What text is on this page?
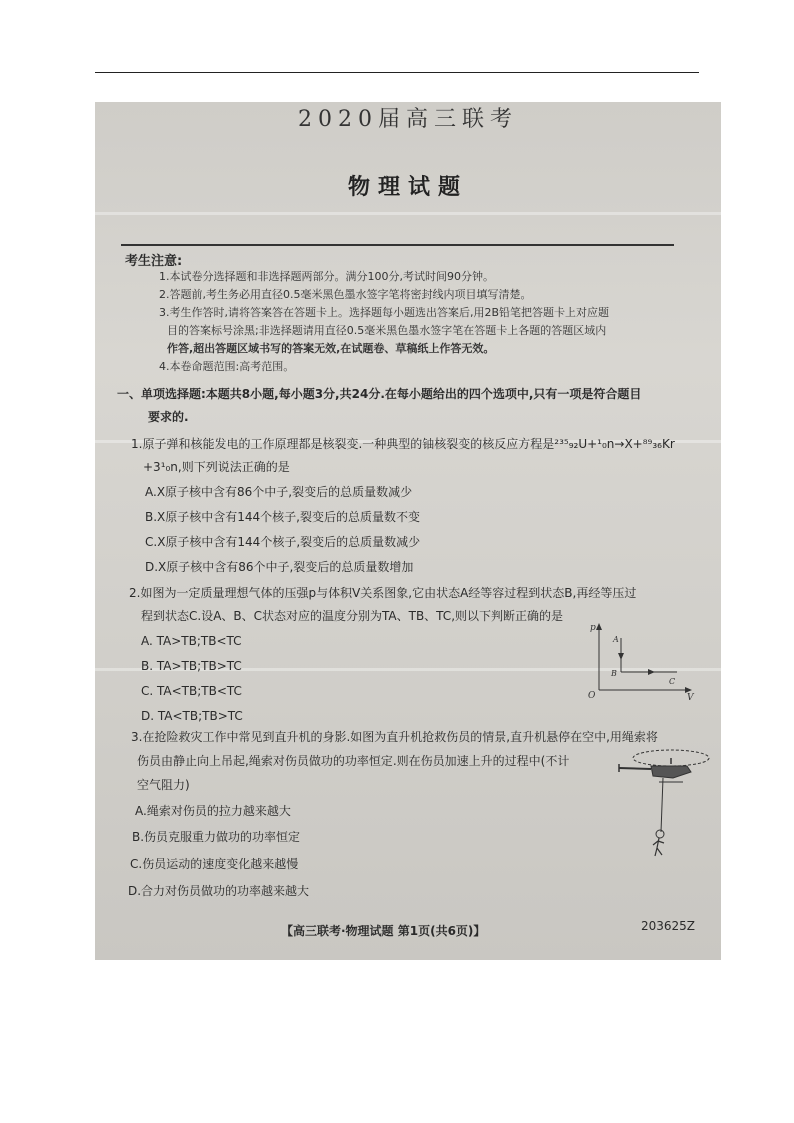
2020届高三联考
物理试题
考生注意:
1.本试卷分选择题和非选择题两部分。满分100分,考试时间90分钟。
2.答题前,考生务必用直径0.5毫米黑色墨水签字笔将密封线内项目填写清楚。
3.考生作答时,请将答案答在答题卡上。选择题每小题选出答案后,用2B铅笔把答题卡上对应题
目的答案标号涂黑;非选择题请用直径0.5毫米黑色墨水签字笔在答题卡上各题的答题区域内
作答,超出答题区域书写的答案无效,在试题卷、草稿纸上作答无效。
4.本卷命题范围:高考范围。
一、单项选择题:本题共8小题,每小题3分,共24分.在每小题给出的四个选项中,只有一项是符合题目
要求的.
1.原子弹和核能发电的工作原理都是核裂变.一种典型的铀核裂变的核反应方程是²³⁵₉₂U+¹₀n→X+⁸⁹₃₆Kr
+3¹₀n,则下列说法正确的是
A.X原子核中含有86个中子,裂变后的总质量数减少
B.X原子核中含有144个核子,裂变后的总质量数不变
C.X原子核中含有144个核子,裂变后的总质量数减少
D.X原子核中含有86个中子,裂变后的总质量数增加
2.如图为一定质量理想气体的压强p与体积V关系图象,它由状态A经等容过程到状态B,再经等压过
程到状态C.设A、B、C状态对应的温度分别为TA、TB、TC,则以下判断正确的是
A. TA>TB;TB<TC
B. TA>TB;TB>TC
C. TA<TB;TB<TC
D. TA<TB;TB>TC
p
V
O
A
B
C
3.在抢险救灾工作中常见到直升机的身影.如图为直升机抢救伤员的情景,直升机悬停在空中,用绳索将
伤员由静止向上吊起,绳索对伤员做功的功率恒定.则在伤员加速上升的过程中(不计
空气阻力)
A.绳索对伤员的拉力越来越大
B.伤员克服重力做功的功率恒定
C.伤员运动的速度变化越来越慢
D.合力对伤员做功的功率越来越大
【高三联考·物理试题 第1页(共6页)】	203625Z
